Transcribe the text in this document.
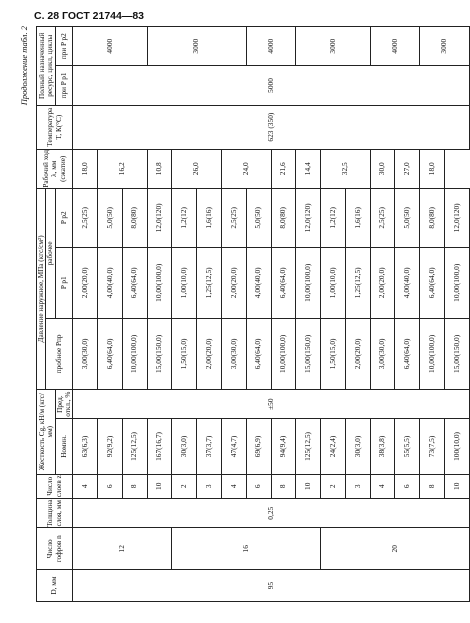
С. 28 ГОСТ 21744—83
Продолжение табл. 2
D, мм	Число гофров n	Толщина слоя, мм	Число слоев z	Жесткость Cg, кН/м (кгс/мм)		Давление наружное, МПа (кгс/см²)			Рабочий ход λ, мм (сжатие)	Температура T, К(°С)	Полный назначенный ресурс, цикл, циклы	
						пробное Pпр	рабочее					
				Номин.	Пред. откл., %		P p1	P p2			при P p1	при P p2
95	12	0,25	4	63(6,3)	±50	3,00(30,0)	2,00(20,0)	2,5(25)	18,0	623 (350)	5000	4000
			6	92(9,2)		6,40(64,0)	4,00(40,0)	5,0(50)	16,2			
			8	125(12,5)		10,00(100,0)	6,40(64,0)	8,0(80)				
			10	167(16,7)		15,00(150,0)	10,00(100,0)	12,0(120)	10,8			3000
	16		2	30(3,0)		1,50(15,0)	1,00(10,0)	1,2(12)	26,0			
			3	37(3,7)		2,00(20,0)	1,25(12,5)	1,6(16)				
			4	47(4,7)		3,00(30,0)	2,00(20,0)	2,5(25)	24,0			
			6	69(6,9)		6,40(64,0)	4,00(40,0)	5,0(50)				4000
			8	94(9,4)		10,00(100,0)	6,40(64,0)	8,0(80)	21,6			
			10	125(12,5)		15,00(150,0)	10,00(100,0)	12,0(120)	14,4			3000
	20		2	24(2,4)		1,50(15,0)	1,00(10,0)	1,2(12)	32,5			
			3	30(3,0)		2,00(20,0)	1,25(12,5)	1,6(16)				
			4	38(3,8)		3,00(30,0)	2,00(20,0)	2,5(25)	30,0			4000
			6	55(5,5)		6,40(64,0)	4,00(40,0)	5,0(50)	27,0			
			8	73(7,5)		10,00(100,0)	6,40(64,0)	8,0(80)	18,0			3000
			10	100(10,0)		15,00(150,0)	10,00(100,0)	12,0(120)				
